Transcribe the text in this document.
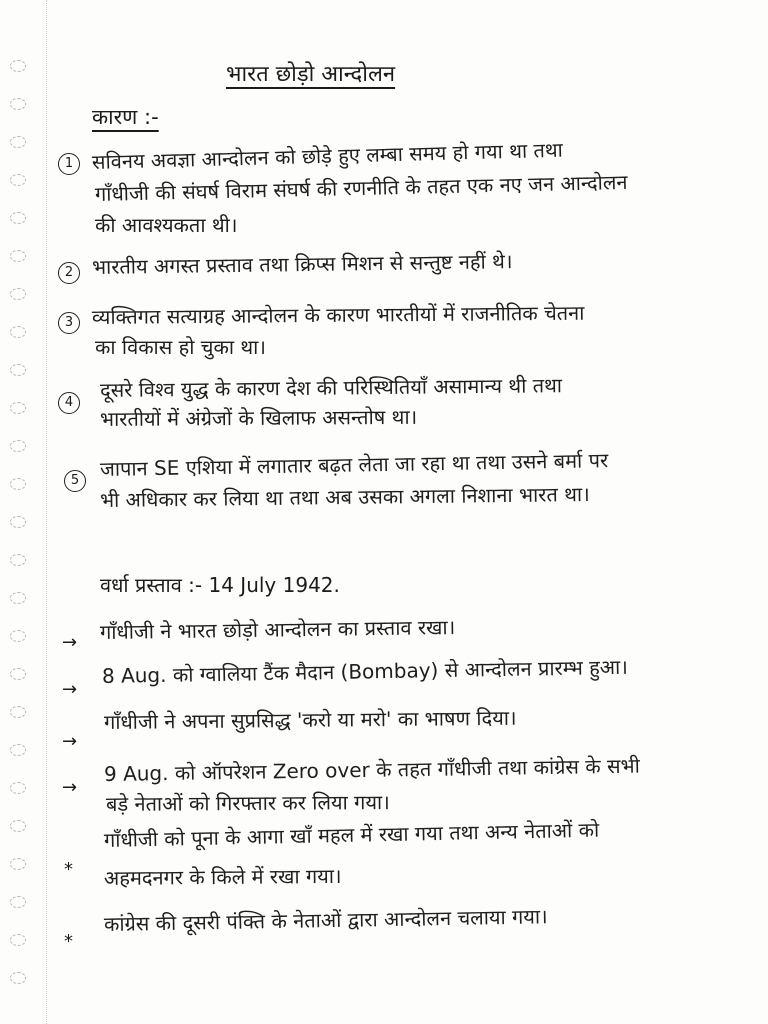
भारत छोड़ो आन्दोलन
कारण :-
1 सविनय अवज्ञा आन्दोलन को छोड़े हुए लम्बा समय हो गया था तथा
गाँधीजी की संघर्ष विराम संघर्ष की रणनीति के तहत एक नए जन आन्दोलन
की आवश्यकता थी।
2 भारतीय अगस्त प्रस्ताव तथा क्रिप्स मिशन से सन्तुष्ट नहीं थे।
3 व्यक्तिगत सत्याग्रह आन्दोलन के कारण भारतीयों में राजनीतिक चेतना
का विकास हो चुका था।
4
दूसरे विश्व युद्ध के कारण देश की परिस्थितियाँ असामान्य थी तथा
भारतीयों में अंग्रेजों के खिलाफ असन्तोष था।
5	जापान SE एशिया में लगातार बढ़त लेता जा रहा था तथा उसने बर्मा पर
भी अधिकार कर लिया था तथा अब उसका अगला निशाना भारत था।
वर्धा प्रस्ताव :- 14 July 1942.
→ गाँधीजी ने भारत छोड़ो आन्दोलन का प्रस्ताव रखा।
→
8 Aug. को ग्वालिया टैंक मैदान (Bombay) से आन्दोलन प्रारम्भ हुआ।
→
गाँधीजी ने अपना सुप्रसिद्ध 'करो या मरो' का भाषण दिया।
→
9 Aug. को ऑपरेशन Zero over के तहत गाँधीजी तथा कांग्रेस के सभी
बड़े नेताओं को गिरफ्तार कर लिया गया।
*
गाँधीजी को पूना के आगा खाँ महल में रखा गया तथा अन्य नेताओं को
अहमदनगर के किले में रखा गया।
*
कांग्रेस की दूसरी पंक्ति के नेताओं द्वारा आन्दोलन चलाया गया।
